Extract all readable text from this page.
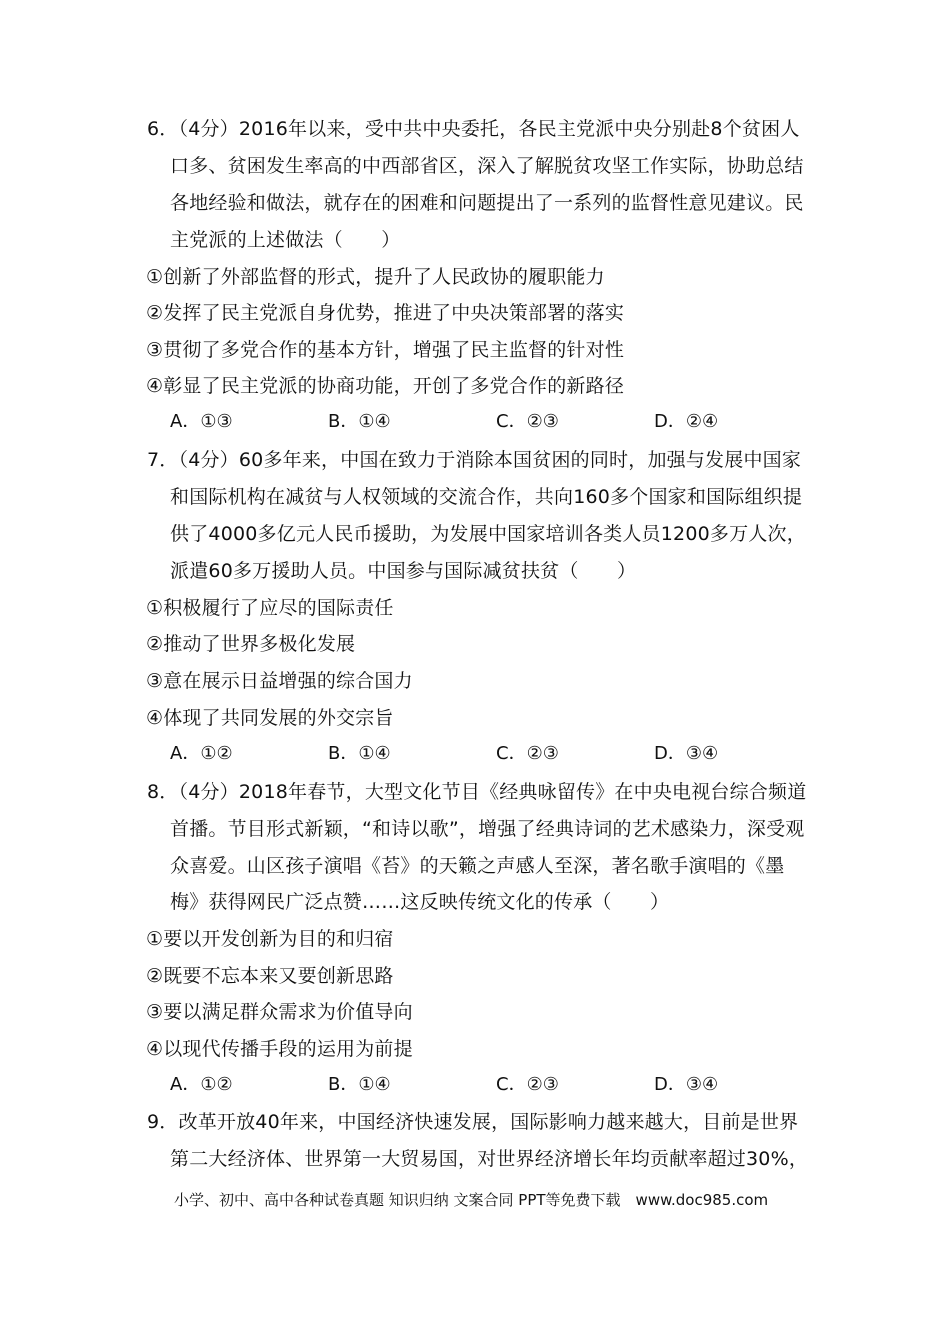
6．（4分）2016年以来，受中共中央委托，各民主党派中央分别赴8个贫困人
口多、贫困发生率高的中西部省区，深入了解脱贫攻坚工作实际，协助总结
各地经验和做法，就存在的困难和问题提出了一系列的监督性意见建议。民
主党派的上述做法（　　）
①创新了外部监督的形式，提升了人民政协的履职能力
②发挥了民主党派自身优势，推进了中央决策部署的落实
③贯彻了多党合作的基本方针，增强了民主监督的针对性
④彰显了民主党派的协商功能，开创了多党合作的新路径
A．①③	B．①④	C．②③	D．②④
7．（4分）60多年来，中国在致力于消除本国贫困的同时，加强与发展中国家
和国际机构在减贫与人权领域的交流合作，共向160多个国家和国际组织提
供了4000多亿元人民币援助，为发展中国家培训各类人员1200多万人次，
派遣60多万援助人员。中国参与国际减贫扶贫（　　）
①积极履行了应尽的国际责任
②推动了世界多极化发展
③意在展示日益增强的综合国力
④体现了共同发展的外交宗旨
A．①②	B．①④	C．②③	D．③④
8．（4分）2018年春节，大型文化节目《经典咏留传》在中央电视台综合频道
首播。节目形式新颖，“和诗以歌”，增强了经典诗词的艺术感染力，深受观
众喜爱。山区孩子演唱《苔》的天籁之声感人至深，著名歌手演唱的《墨
梅》获得网民广泛点赞……这反映传统文化的传承（　　）
①要以开发创新为目的和归宿
②既要不忘本来又要创新思路
③要以满足群众需求为价值导向
④以现代传播手段的运用为前提
A．①②	B．①④	C．②③	D．③④
9．改革开放40年来，中国经济快速发展，国际影响力越来越大，目前是世界
第二大经济体、世界第一大贸易国，对世界经济增长年均贡献率超过30%，
小学、初中、高中各种试卷真题 知识归纳 文案合同 PPT等免费下载　www.doc985.com
